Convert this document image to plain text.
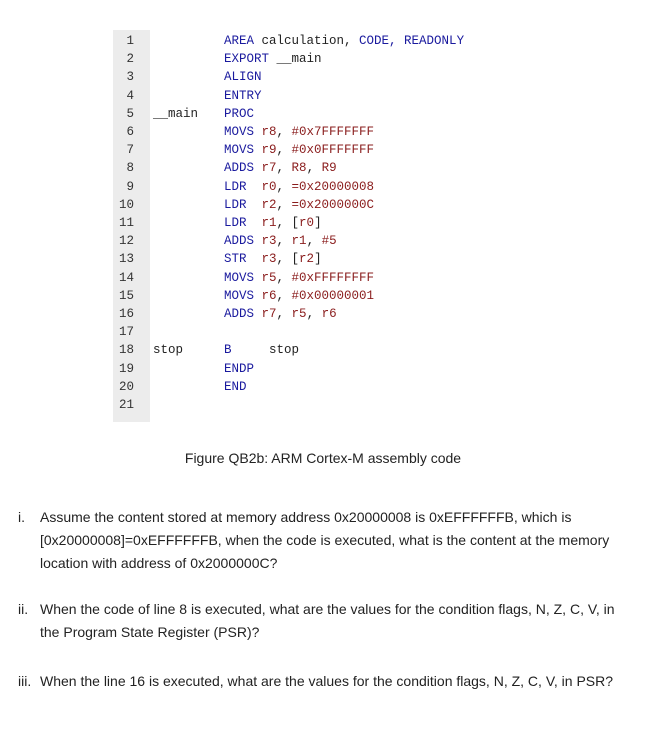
1	AREA calculation, CODE, READONLY
2	EXPORT __main
3	ALIGN
4	ENTRY
5 __main PROC
6	MOVS r8, #0x7FFFFFFF
7	MOVS r9, #0x0FFFFFFF
8	ADDS r7, R8, R9
9	LDR  r0, =0x20000008
10	LDR  r2, =0x2000000C
11	LDR  r1, [r0]
12	ADDS r3, r1, #5
13	STR  r3, [r2]
14	MOVS r5, #0xFFFFFFFF
15	MOVS r6, #0x00000001
16	ADDS r7, r5, r6
17
18 stop	B     stop
19	ENDP
20	END
21
Figure QB2b: ARM Cortex-M assembly code
i. Assume the content stored at memory address 0x20000008 is 0xEFFFFFFB, which is [0x20000008]=0xEFFFFFFB, when the code is executed, what is the content at the memory location with address of 0x2000000C?
ii. When the code of line 8 is executed, what are the values for the condition flags, N, Z, C, V, in the Program State Register (PSR)?
iii. When the line 16 is executed, what are the values for the condition flags, N, Z, C, V, in PSR?
